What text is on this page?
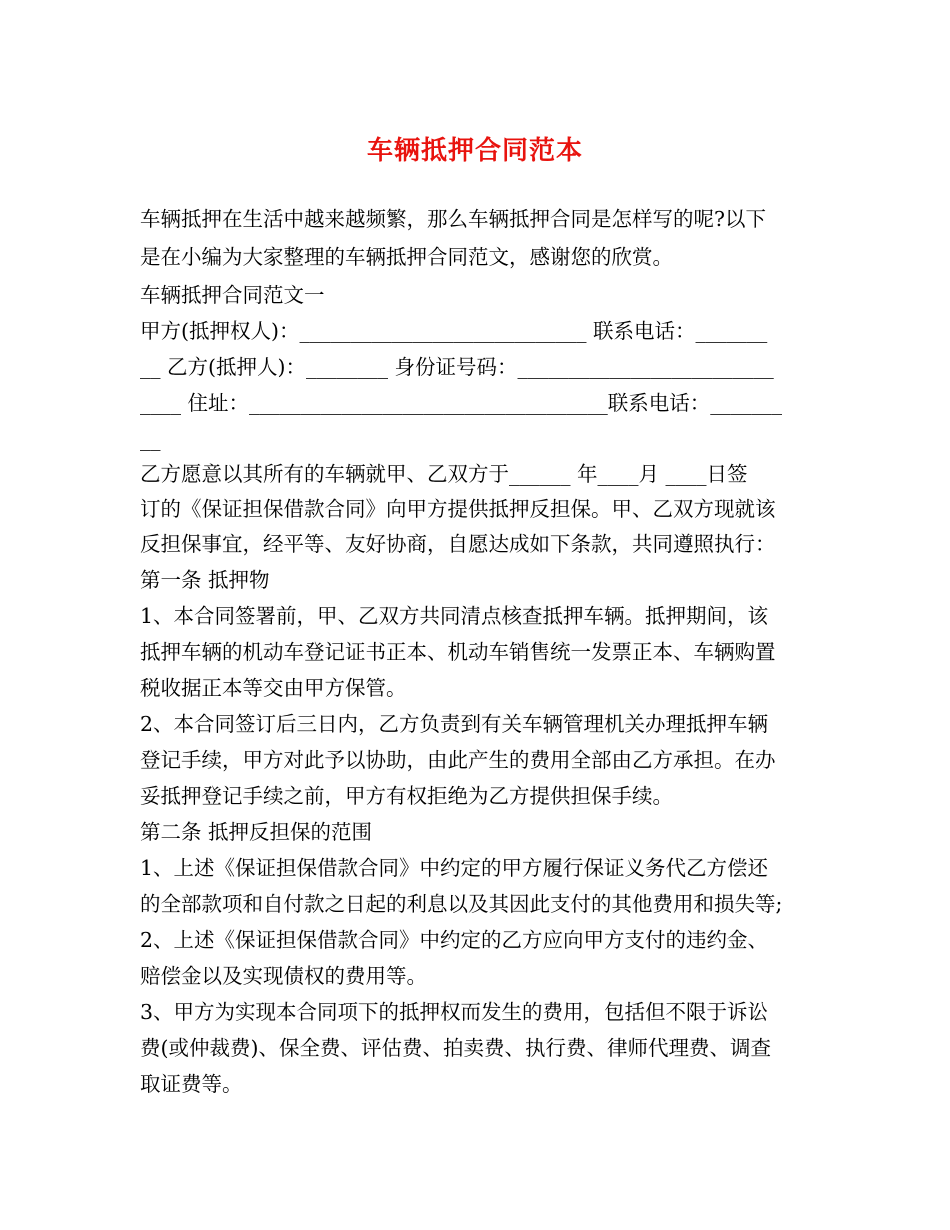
车辆抵押合同范本
车辆抵押在生活中越来越频繁，那么车辆抵押合同是怎样写的呢?以下
是在小编为大家整理的车辆抵押合同范文，感谢您的欣赏。
车辆抵押合同范文一
甲方(抵押权人)：____________________________ 联系电话：_______
__ 乙方(抵押人)：________ 身份证号码：_________________________
____ 住址：___________________________________联系电话：_______
__
乙方愿意以其所有的车辆就甲、乙双方于______ 年____月 ____日签
订的《保证担保借款合同》向甲方提供抵押反担保。甲、乙双方现就该
反担保事宜，经平等、友好协商，自愿达成如下条款，共同遵照执行：
第一条 抵押物
1、本合同签署前，甲、乙双方共同清点核查抵押车辆。抵押期间，该
抵押车辆的机动车登记证书正本、机动车销售统一发票正本、车辆购置
税收据正本等交由甲方保管。
2、本合同签订后三日内，乙方负责到有关车辆管理机关办理抵押车辆
登记手续，甲方对此予以协助，由此产生的费用全部由乙方承担。在办
妥抵押登记手续之前，甲方有权拒绝为乙方提供担保手续。
第二条 抵押反担保的范围
1、上述《保证担保借款合同》中约定的甲方履行保证义务代乙方偿还
的全部款项和自付款之日起的利息以及其因此支付的其他费用和损失等;
2、上述《保证担保借款合同》中约定的乙方应向甲方支付的违约金、
赔偿金以及实现债权的费用等。
3、甲方为实现本合同项下的抵押权而发生的费用，包括但不限于诉讼
费(或仲裁费)、保全费、评估费、拍卖费、执行费、律师代理费、调查
取证费等。
